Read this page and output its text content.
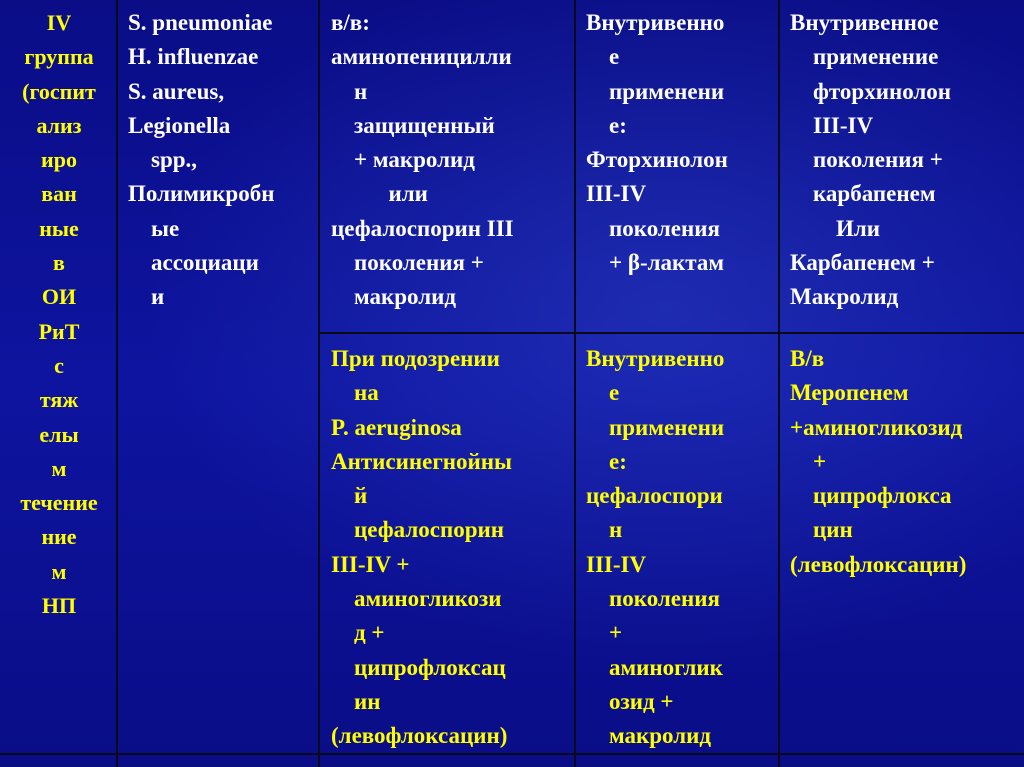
IV
группа
(госпит
ализ
иро
ван
ные
в
ОИ
РиТ
с
тяж
елы
м
течение
ние
м
НП
S. pneumoniae
H. influenzae
S. aureus,
Legionella
spp.,
Полимикробн
ые
ассоциаци
и
в/в:
аминопеницилли
н
защищенный
+ макролид
или
цефалоспорин III
поколения +
макролид
Внутривенно
е
применени
е:
Фторхинолон
III-IV
поколения
+ β-лактам
Внутривенное
применение
фторхинолон
III-IV
поколения +
карбапенем
Или
Карбапенем +
Макролид
При подозрении
на
P. aeruginosa
Антисинегнойны
й
цефалоспорин
III-IV +
аминогликози
д +
ципрофлоксац
ин
(левофлоксацин)
Внутривенно
е
применени
е:
цефалоспори
н
III-IV
поколения
+
аминоглик
озид +
макролид
В/в
Меропенем
+аминогликозид
+
ципрофлокса
цин
(левофлоксацин)
